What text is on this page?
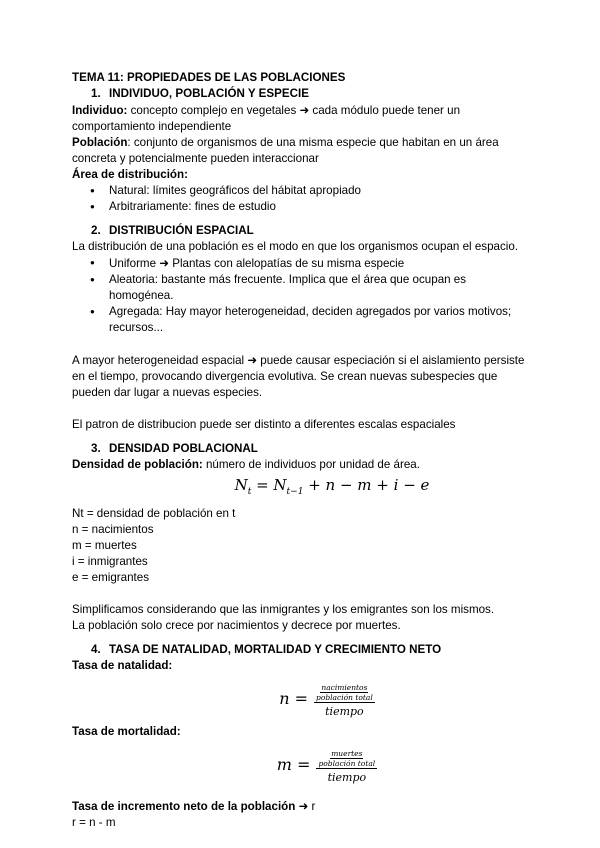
TEMA 11: PROPIEDADES DE LAS POBLACIONES

1. INDIVIDUO, POBLACIÓN Y ESPECIE

Individuo: concepto complejo en vegetales ➜ cada módulo puede tener un comportamiento independiente

Población: conjunto de organismos de una misma especie que habitan en un área concreta y potencialmente pueden interaccionar

Área de distribución:

● Natural: límites geográficos del hábitat apropiado
● Arbitrariamente: fines de estudio

2. DISTRIBUCIÓN ESPACIAL

La distribución de una población es el modo en que los organismos ocupan el espacio.

● Uniforme ➜ Plantas con alelopatías de su misma especie
● Aleatoria: bastante más frecuente. Implica que el área que ocupan es homogénea.
● Agregada: Hay mayor heterogeneidad, deciden agregados por varios motivos; recursos...

A mayor heterogeneidad espacial ➜ puede causar especiación si el aislamiento persiste en el tiempo, provocando divergencia evolutiva. Se crean nuevas subespecies que pueden dar lugar a nuevas especies.

El patron de distribucion puede ser distinto a diferentes escalas espaciales

3. DENSIDAD POBLACIONAL

Densidad de población: número de individuos por unidad de área.

$N_t = N_{t-1} + n - m + i - e$

Nt = densidad de población en t

n = nacimientos

m = muertes

i = inmigrantes

e = emigrantes

Simplificamos considerando que las inmigrantes y los emigrantes son los mismos.

La población solo crece por nacimientos y decrece por muertes.

4. TASA DE NATALIDAD, MORTALIDAD Y CRECIMIENTO NETO

Tasa de natalidad:

n = nacimientos
población total
tiempo

Tasa de mortalidad:

m = muertes
población total
tiempo

Tasa de incremento neto de la población ➜ r

r = n - m
